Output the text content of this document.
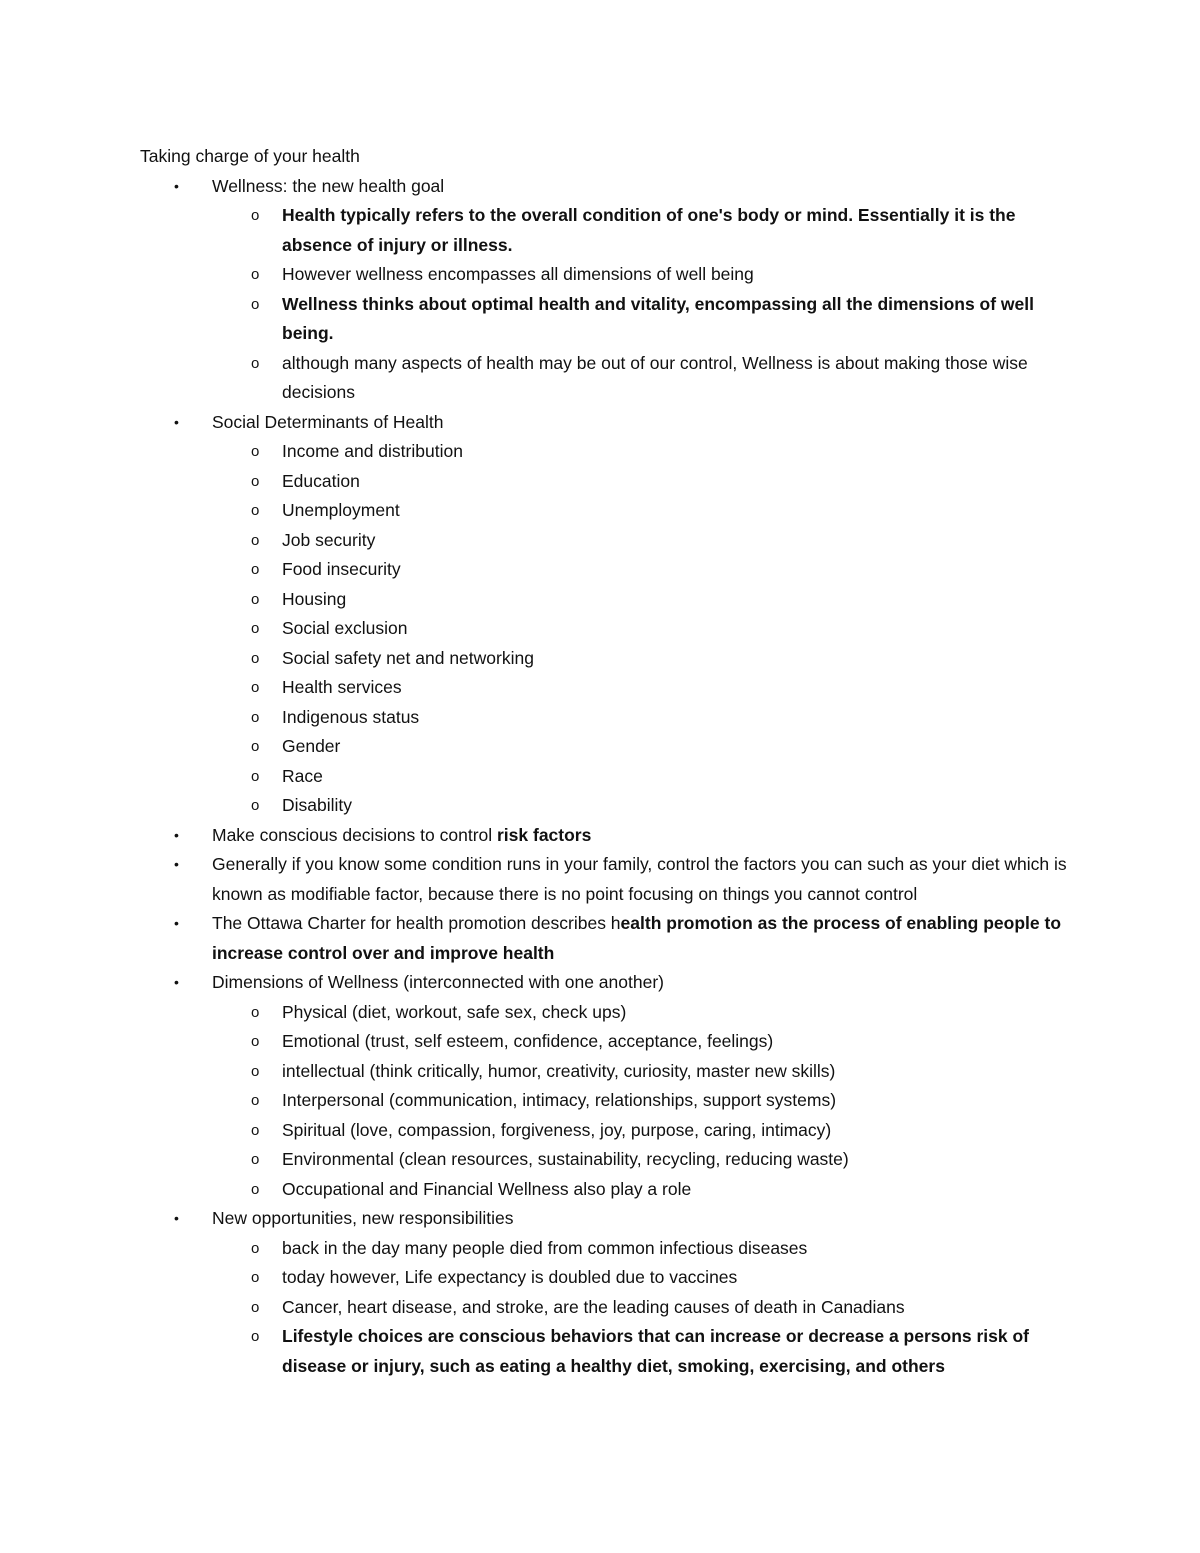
Taking charge of your health

• Wellness: the new health goal
o Health typically refers to the overall condition of one's body or mind. Essentially it is the absence of injury or illness.
o However wellness encompasses all dimensions of well being
o Wellness thinks about optimal health and vitality, encompassing all the dimensions of well being.
o although many aspects of health may be out of our control, Wellness is about making those wise decisions
• Social Determinants of Health
o Income and distribution
o Education
o Unemployment
o Job security
o Food insecurity
o Housing
o Social exclusion
o Social safety net and networking
o Health services
o Indigenous status
o Gender
o Race
o Disability
• Make conscious decisions to control risk factors
• Generally if you know some condition runs in your family, control the factors you can such as your diet which is known as modifiable factor, because there is no point focusing on things you cannot control
• The Ottawa Charter for health promotion describes health promotion as the process of enabling people to increase control over and improve health
• Dimensions of Wellness (interconnected with one another)
o Physical (diet, workout, safe sex, check ups)
o Emotional (trust, self esteem, confidence, acceptance, feelings)
o intellectual (think critically, humor, creativity, curiosity, master new skills)
o Interpersonal (communication, intimacy, relationships, support systems)
o Spiritual (love, compassion, forgiveness, joy, purpose, caring, intimacy)
o Environmental (clean resources, sustainability, recycling, reducing waste)
o Occupational and Financial Wellness also play a role
• New opportunities, new responsibilities
o back in the day many people died from common infectious diseases
o today however, Life expectancy is doubled due to vaccines
o Cancer, heart disease, and stroke, are the leading causes of death in Canadians
o Lifestyle choices are conscious behaviors that can increase or decrease a persons risk of disease or injury, such as eating a healthy diet, smoking, exercising, and others
